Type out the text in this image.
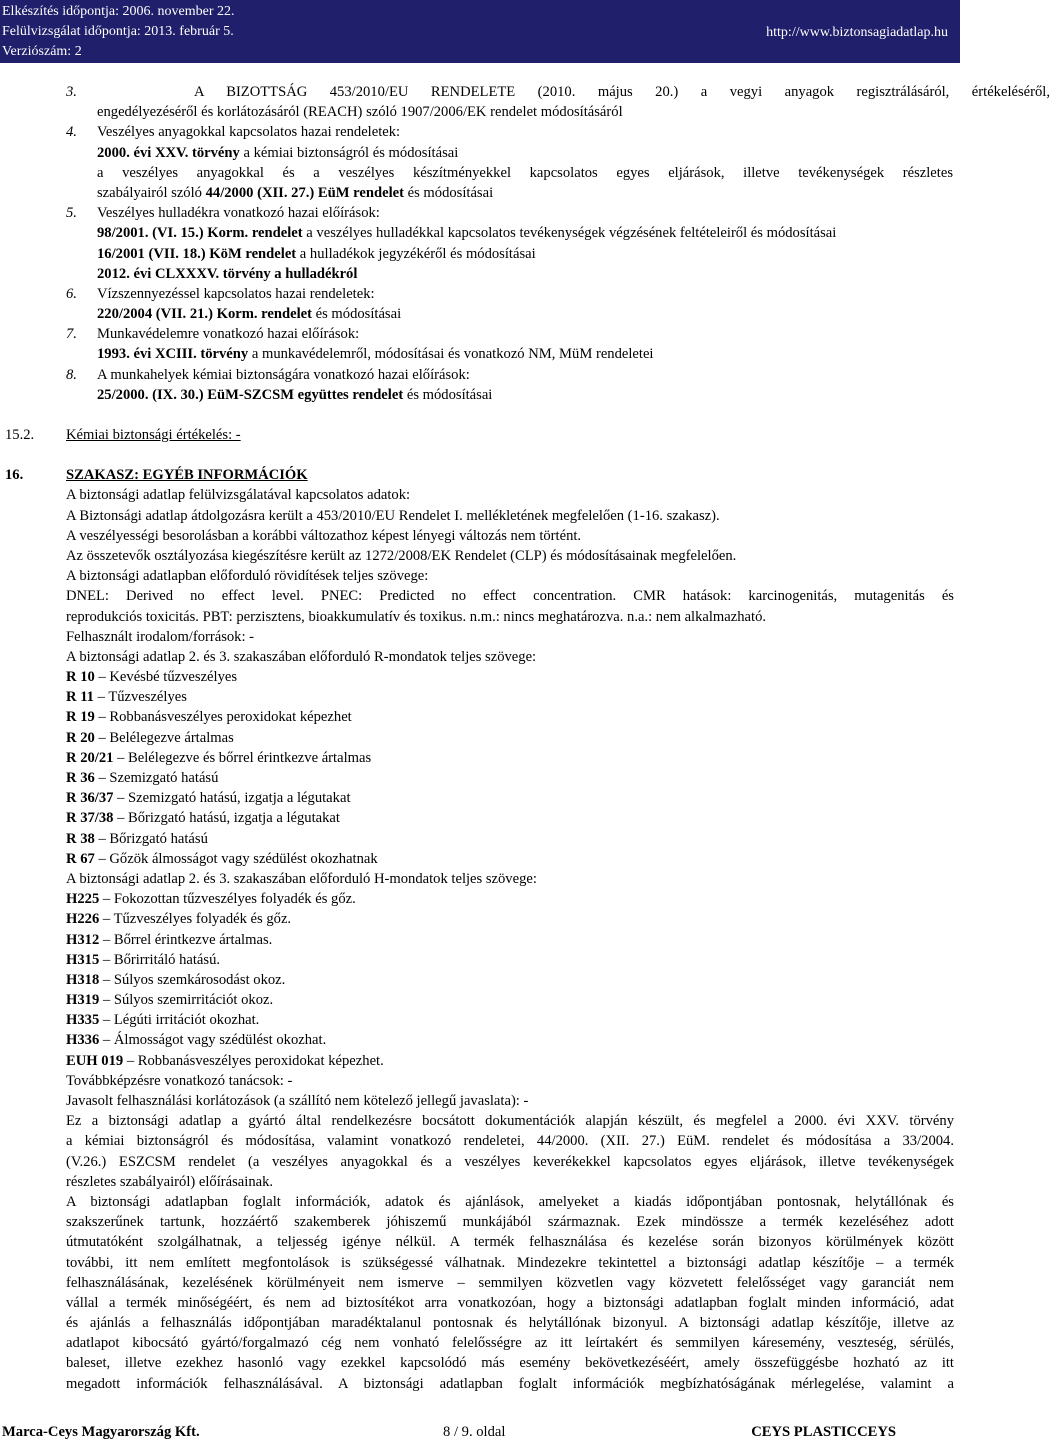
Elkészítés időpontja: 2006. november 22.
Felülvizsgálat időpontja: 2013. február 5.
Verziószám: 2
http://www.biztonsagiadatlap.hu
3.	A BIZOTTSÁG 453/2010/EU RENDELETE (2010. május 20.) a vegyi anyagok regisztrálásáról, értékeléséről,
engedélyezéséről és korlátozásáról (REACH) szóló 1907/2006/EK rendelet módosításáról
4. Veszélyes anyagokkal kapcsolatos hazai rendeletek:
2000. évi XXV. törvény a kémiai biztonságról és módosításai
a veszélyes anyagokkal és a veszélyes készítményekkel kapcsolatos egyes eljárások, illetve tevékenységek részletes
szabályairól szóló 44/2000 (XII. 27.) EüM rendelet és módosításai
5. Veszélyes hulladékra vonatkozó hazai előírások:
98/2001. (VI. 15.) Korm. rendelet a veszélyes hulladékkal kapcsolatos tevékenységek végzésének feltételeiről és módosításai
16/2001 (VII. 18.) KöM rendelet a hulladékok jegyzékéről és módosításai
2012. évi CLXXXV. törvény a hulladékról
6. Vízszennyezéssel kapcsolatos hazai rendeletek:
220/2004 (VII. 21.) Korm. rendelet és módosításai
7. Munkavédelemre vonatkozó hazai előírások:
1993. évi XCIII. törvény a munkavédelemről, módosításai és vonatkozó NM, MüM rendeletei
8. A munkahelyek kémiai biztonságára vonatkozó hazai előírások:
25/2000. (IX. 30.) EüM-SZCSM együttes rendelet és módosításai
15.2. Kémiai biztonsági értékelés: -
16.	SZAKASZ: EGYÉB INFORMÁCIÓK
A biztonsági adatlap felülvizsgálatával kapcsolatos adatok:
A Biztonsági adatlap átdolgozásra került a 453/2010/EU Rendelet I. mellékletének megfelelően (1-16. szakasz).
A veszélyességi besorolásban a korábbi változathoz képest lényegi változás nem történt.
Az összetevők osztályozása kiegészítésre került az 1272/2008/EK Rendelet (CLP) és módosításainak megfelelően.
A biztonsági adatlapban előforduló rövidítések teljes szövege:
DNEL: Derived no effect level. PNEC: Predicted no effect concentration. CMR hatások: karcinogenitás, mutagenitás és
reprodukciós toxicitás. PBT: perzisztens, bioakkumulatív és toxikus. n.m.: nincs meghatározva. n.a.: nem alkalmazható.
Felhasznált irodalom/források: -
A biztonsági adatlap 2. és 3. szakaszában előforduló R-mondatok teljes szövege:
R 10 – Kevésbé tűzveszélyes
R 11 – Tűzveszélyes
R 19 – Robbanásveszélyes peroxidokat képezhet
R 20 – Belélegezve ártalmas
R 20/21 – Belélegezve és bőrrel érintkezve ártalmas
R 36 – Szemizgató hatású
R 36/37 – Szemizgató hatású, izgatja a légutakat
R 37/38 – Bőrizgató hatású, izgatja a légutakat
R 38 – Bőrizgató hatású
R 67 – Gőzök álmosságot vagy szédülést okozhatnak
A biztonsági adatlap 2. és 3. szakaszában előforduló H-mondatok teljes szövege:
H225 – Fokozottan tűzveszélyes folyadék és gőz.
H226 – Tűzveszélyes folyadék és gőz.
H312 – Bőrrel érintkezve ártalmas.
H315 – Bőrirritáló hatású.
H318 – Súlyos szemkárosodást okoz.
H319 – Súlyos szemirritációt okoz.
H335 – Légúti irritációt okozhat.
H336 – Álmosságot vagy szédülést okozhat.
EUH 019 – Robbanásveszélyes peroxidokat képezhet.
Továbbképzésre vonatkozó tanácsok: -
Javasolt felhasználási korlátozások (a szállító nem kötelező jellegű javaslata): -
Ez a biztonsági adatlap a gyártó által rendelkezésre bocsátott dokumentációk alapján készült, és megfelel a 2000. évi XXV. törvény
a kémiai biztonságról és módosítása, valamint vonatkozó rendeletei, 44/2000. (XII. 27.) EüM. rendelet és módosítása a 33/2004.
(V.26.) ESZCSM rendelet (a veszélyes anyagokkal és a veszélyes keverékekkel kapcsolatos egyes eljárások, illetve tevékenységek
részletes szabályairól) előírásainak.
A biztonsági adatlapban foglalt információk, adatok és ajánlások, amelyeket a kiadás időpontjában pontosnak, helytállónak és
szakszerűnek tartunk, hozzáértő szakemberek jóhiszemű munkájából származnak. Ezek mindössze a termék kezeléséhez adott
útmutatóként szolgálhatnak, a teljesség igénye nélkül. A termék felhasználása és kezelése során bizonyos körülmények között
további, itt nem említett megfontolások is szükségessé válhatnak. Mindezekre tekintettel a biztonsági adatlap készítője – a termék
felhasználásának, kezelésének körülményeit nem ismerve – semmilyen közvetlen vagy közvetett felelősséget vagy garanciát nem
vállal a termék minőségéért, és nem ad biztosítékot arra vonatkozóan, hogy a biztonsági adatlapban foglalt minden információ, adat
és ajánlás a felhasználás időpontjában maradéktalanul pontosnak és helytállónak bizonyul. A biztonsági adatlap készítője, illetve az
adatlapot kibocsátó gyártó/forgalmazó cég nem vonható felelősségre az itt leírtakért és semmilyen káresemény, veszteség, sérülés,
baleset, illetve ezekhez hasonló vagy ezekkel kapcsolódó más esemény bekövetkezéséért, amely összefüggésbe hozható az itt
megadott információk felhasználásával. A biztonsági adatlapban foglalt információk megbízhatóságának mérlegelése, valamint a
Marca-Ceys Magyarország Kft.	8 / 9. oldal	CEYS PLASTICCEYS
